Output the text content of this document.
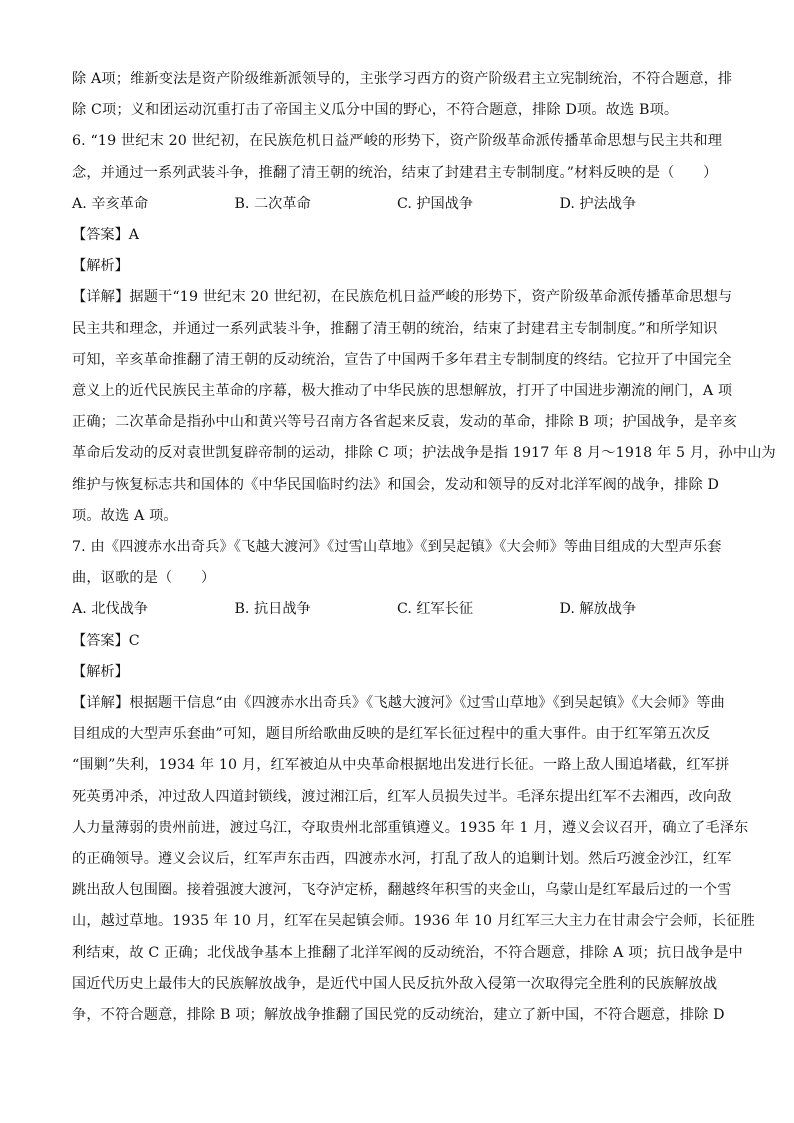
除 A项；维新变法是资产阶级维新派领导的，主张学习西方的资产阶级君主立宪制统治，不符合题意，排
除 C项；义和团运动沉重打击了帝国主义瓜分中国的野心，不符合题意，排除 D项。故选 B项。
6. “19 世纪末 20 世纪初，在民族危机日益严峻的形势下，资产阶级革命派传播革命思想与民主共和理
念，并通过一系列武装斗争，推翻了清王朝的统治，结束了封建君主专制制度。”材料反映的是（　　）
A. 辛亥革命	B. 二次革命	C. 护国战争	D. 护法战争
【答案】A
【解析】
【详解】据题干“19 世纪末 20 世纪初，在民族危机日益严峻的形势下，资产阶级革命派传播革命思想与
民主共和理念，并通过一系列武装斗争，推翻了清王朝的统治，结束了封建君主专制制度。”和所学知识
可知，辛亥革命推翻了清王朝的反动统治，宣告了中国两千多年君主专制制度的终结。它拉开了中国完全
意义上的近代民族民主革命的序幕，极大推动了中华民族的思想解放，打开了中国进步潮流的闸门，A 项
正确；二次革命是指孙中山和黄兴等号召南方各省起来反袁，发动的革命，排除 B 项；护国战争，是辛亥
革命后发动的反对袁世凯复辟帝制的运动，排除 C 项；护法战争是指 1917 年 8 月～1918 年 5 月，孙中山为
维护与恢复标志共和国体的《中华民国临时约法》和国会，发动和领导的反对北洋军阀的战争，排除 D
项。故选 A 项。
7. 由《四渡赤水出奇兵》《飞越大渡河》《过雪山草地》《到吴起镇》《大会师》等曲目组成的大型声乐套
曲，讴歌的是（　　）
A. 北伐战争	B. 抗日战争	C. 红军长征	D. 解放战争
【答案】C
【解析】
【详解】根据题干信息“由《四渡赤水出奇兵》《飞越大渡河》《过雪山草地》《到吴起镇》《大会师》等曲
目组成的大型声乐套曲”可知，题目所给歌曲反映的是红军长征过程中的重大事件。由于红军第五次反
“围剿”失利，1934 年 10 月，红军被迫从中央革命根据地出发进行长征。一路上敌人围追堵截，红军拼
死英勇冲杀，冲过敌人四道封锁线，渡过湘江后，红军人员损失过半。毛泽东提出红军不去湘西，改向敌
人力量薄弱的贵州前进，渡过乌江，夺取贵州北部重镇遵义。1935 年 1 月，遵义会议召开，确立了毛泽东
的正确领导。遵义会议后，红军声东击西，四渡赤水河，打乱了敌人的追剿计划。然后巧渡金沙江，红军
跳出敌人包围圈。接着强渡大渡河，飞夺泸定桥，翻越终年积雪的夹金山，乌蒙山是红军最后过的一个雪
山，越过草地。1935 年 10 月，红军在吴起镇会师。1936 年 10 月红军三大主力在甘肃会宁会师，长征胜
利结束，故 C 正确；北伐战争基本上推翻了北洋军阀的反动统治，不符合题意，排除 A 项；抗日战争是中
国近代历史上最伟大的民族解放战争，是近代中国人民反抗外敌入侵第一次取得完全胜利的民族解放战
争，不符合题意，排除 B 项；解放战争推翻了国民党的反动统治，建立了新中国，不符合题意，排除 D
